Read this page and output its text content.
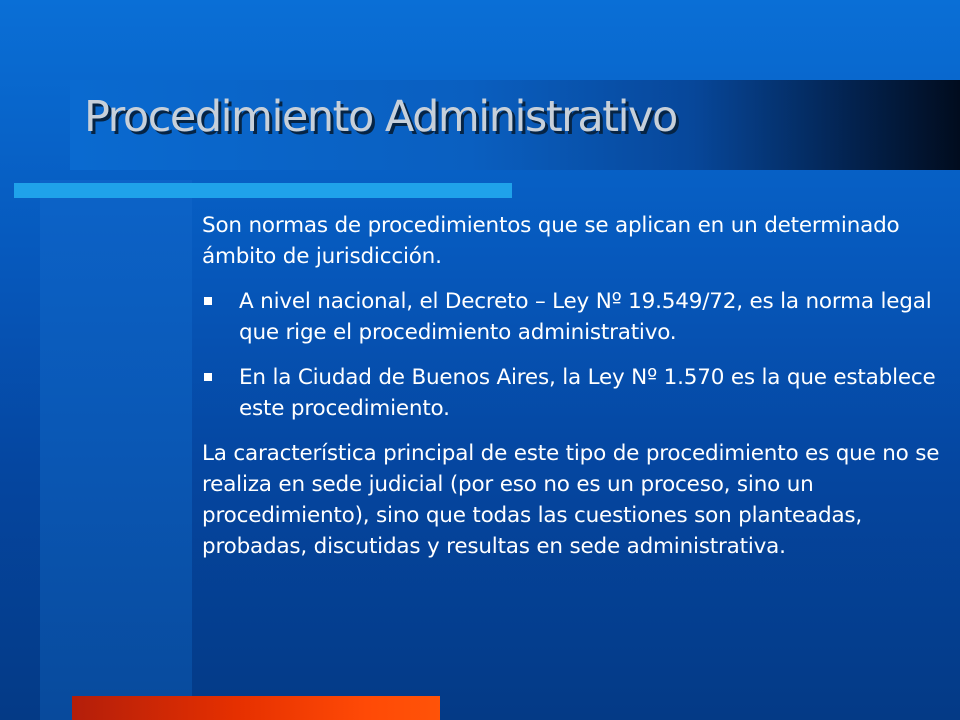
Procedimiento Administrativo

Son normas de procedimientos que se aplican en un determinado ámbito de jurisdicción.

A nivel nacional, el Decreto – Ley Nº 19.549/72, es la norma legal que rige el procedimiento administrativo.
En la Ciudad de Buenos Aires, la Ley Nº 1.570 es la que establece este procedimiento.

La característica principal de este tipo de procedimiento es que no se realiza en sede judicial (por eso no es un proceso, sino un procedimiento), sino que todas las cuestiones son planteadas, probadas, discutidas y resultas en sede administrativa.
